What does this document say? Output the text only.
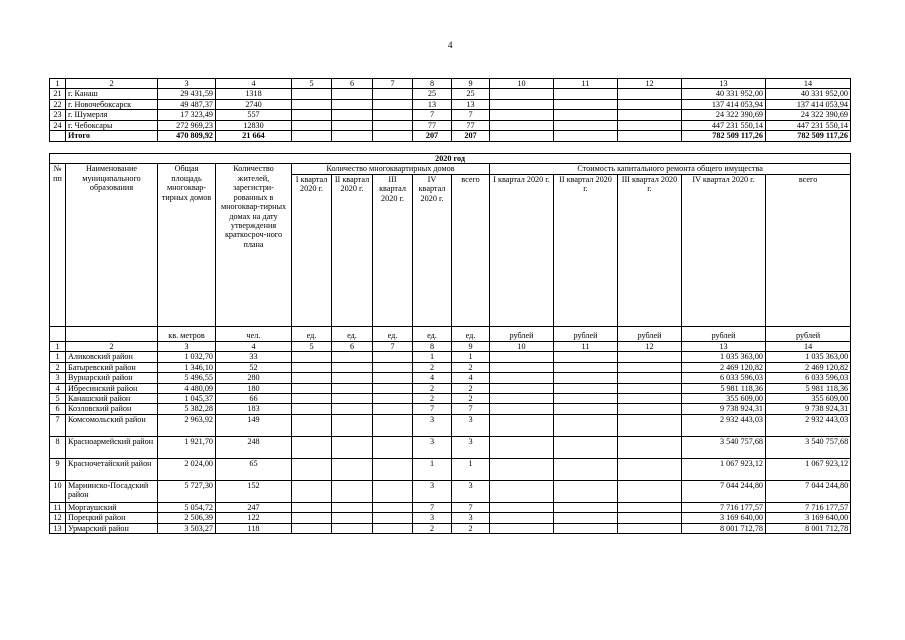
4
1	2	3	4	5	6	7	8	9	10	11	12	13	14
21	г. Канаш	29 431,59	1318				25	25				40 331 952,00	40 331 952,00
22	г. Новочебоксарск	49 487,37	2740				13	13				137 414 053,94	137 414 053,94
23	г. Шумерля	17 323,49	557				7	7				24 322 390,69	24 322 390,69
24	г. Чебоксары	272 969,23	12830				77	77				447 231 550,14	447 231 550,14
	Итого	470 809,92	21 664				207	207				782 509 117,26	782 509 117,26
2020 год													
№ пп	Наименование муниципального образования	Общая площадь многоквар-тирных домов	Количество жителей, зарегистри-рованных в многоквар-тирных домах на дату утверждения краткосроч-ного плана	Количество многоквартирных домов					Стоимость капитального ремонта общего имущества				
				I квартал 2020 г.	II квартал 2020 г.	III квартал 2020 г.	IV квартал 2020 г.	всего	I квартал 2020 г.	II квартал 2020 г.	III квартал 2020 г.	IV квартал 2020 г.	всего
		кв. метров	чел.	ед.	ед.	ед.	ед.	ед.	рублей	рублей	рублей	рублей	рублей
1	2	3	4	5	6	7	8	9	10	11	12	13	14
1	Аликовский район	1 032,70	33				1	1				1 035 363,00	1 035 363,00
2	Батыревский район	1 346,10	52				2	2				2 469 120,82	2 469 120,82
3	Вурнарский район	5 496,55	280				4	4				6 033 596,03	6 033 596,03
4	Ибресинский район	4 480,09	180				2	2				5 981 118,36	5 981 118,36
5	Канашский район	1 045,37	66				2	2				355 609,00	355 609,00
6	Козловский район	5 382,28	183				7	7				9 738 924,31	9 738 924,31
7	Комсомольский район	2 963,92	149				3	3				2 932 443,03	2 932 443,03
8	Красноармейский район	1 921,70	248				3	3				3 540 757,68	3 540 757,68
9	Красночетайский район	2 024,00	65				1	1				1 067 923,12	1 067 923,12
10	Мариинско-Посадский район	5 727,30	152				3	3				7 044 244,80	7 044 244,80
11	Моргаушский	5 054,72	247				7	7				7 716 177,57	7 716 177,57
12	Порецкий район	2 506,39	122				3	3				3 169 640,00	3 169 640,00
13	Урмарский район	3 503,27	118				2	2				8 001 712,78	8 001 712,78
